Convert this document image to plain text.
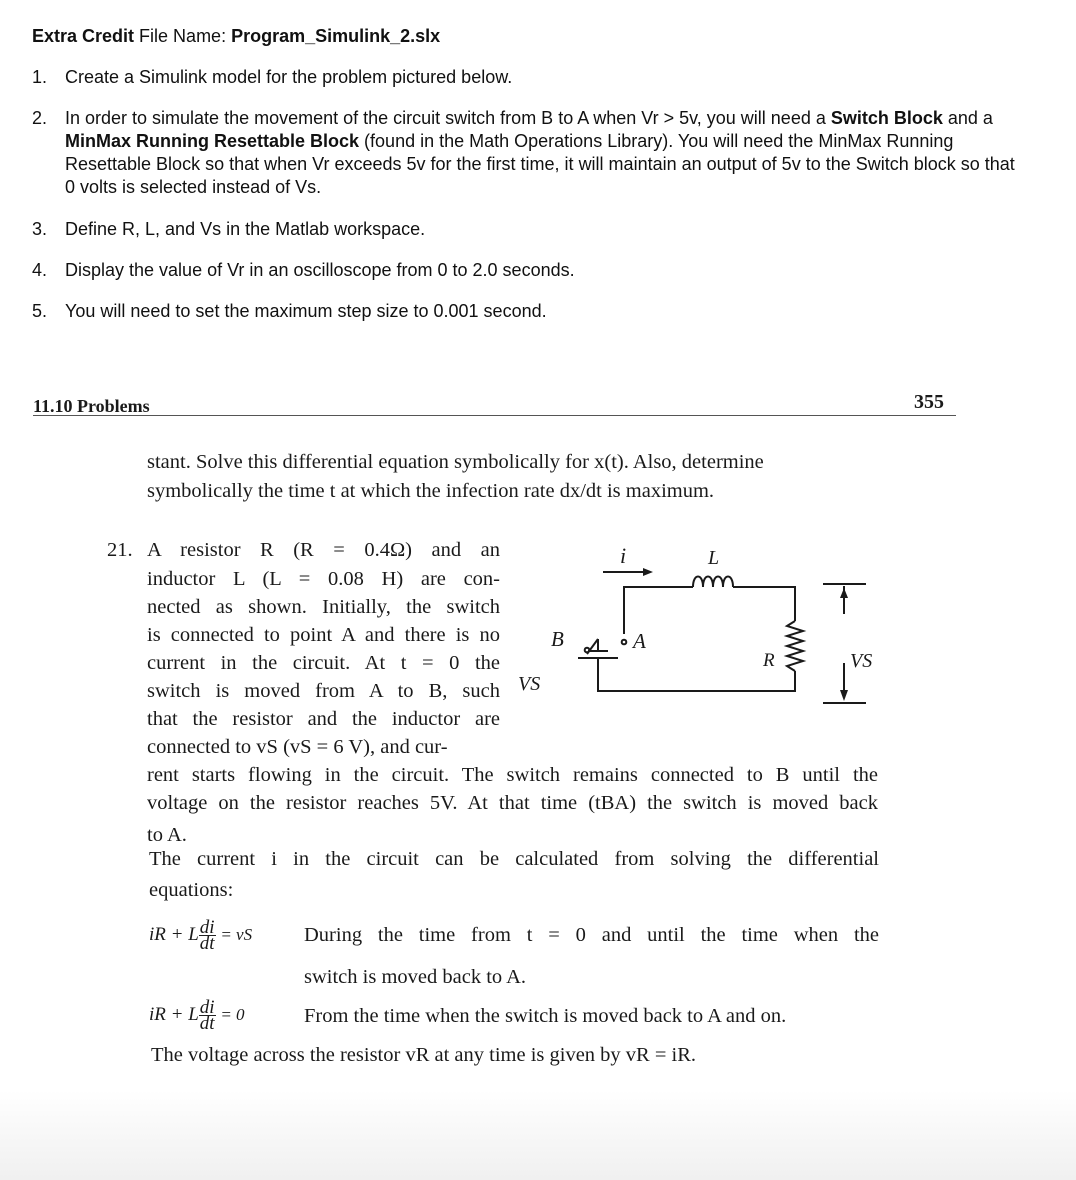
Extra Credit File Name: Program_Simulink_2.slx
1. Create a Simulink model for the problem pictured below.
2. In order to simulate the movement of the circuit switch from B to A when Vr > 5v, you will need a Switch Block and a MinMax Running Resettable Block (found in the Math Operations Library). You will need the MinMax Running Resettable Block so that when Vr exceeds 5v for the first time, it will maintain an output of 5v to the Switch block so that 0 volts is selected instead of Vs.
3. Define R, L, and Vs in the Matlab workspace.
4. Display the value of Vr in an oscilloscope from 0 to 2.0 seconds.
5. You will need to set the maximum step size to 0.001 second.
11.10 Problems	355
stant. Solve this differential equation symbolically for x(t). Also, determine
symbolically the time t at which the infection rate dx/dt is maximum.
21. A resistor R (R = 0.4Ω) and an
inductor L (L = 0.08 H) are con-
nected as shown. Initially, the switch
is connected to point A and there is no
current in the circuit. At t = 0 the
switch is moved from A to B, such
that the resistor and the inductor are
connected to vS (vS = 6 V), and cur-
rent starts flowing in the circuit. The switch remains connected to B until the
voltage on the resistor reaches 5V. At that time (tBA) the switch is moved back
to A.
The current i in the circuit can be calculated from solving the differential
equations:
iR + L $\frac{di}{dt}$ = vS	During the time from t = 0 and until the time when the
switch is moved back to A.
iR + L $\frac{di}{dt} = 0$	From the time when the switch is moved back to A and on.
The voltage across the resistor vR at any time is given by vR = iR.
i	L
B	A
R
VS
VS
